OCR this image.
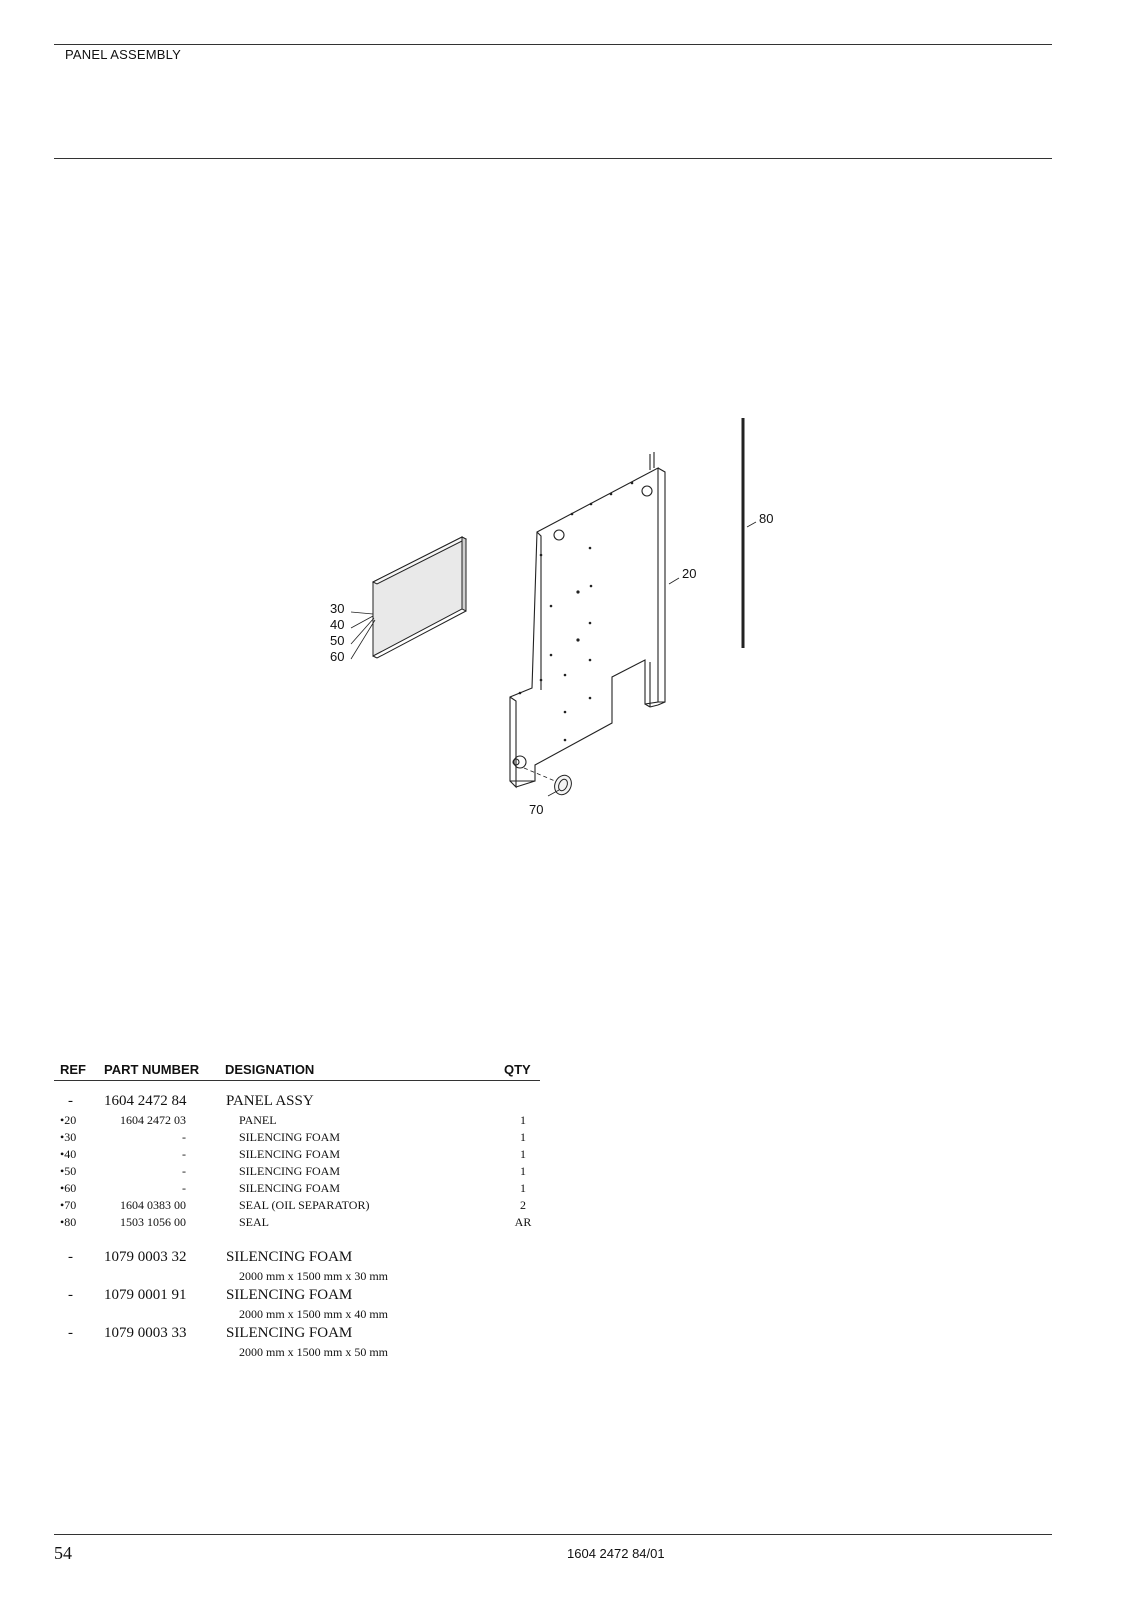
PANEL ASSEMBLY
30
40
50
60
20
80
70
REF PART NUMBER DESIGNATION	QTY
- 1604 2472 84	PANEL ASSY
•20	1604 2472 03	PANEL	1
•30	-	SILENCING FOAM	1
•40	-	SILENCING FOAM	1
•50	-	SILENCING FOAM	1
•60	-	SILENCING FOAM	1
•70	1604 0383 00	SEAL (OIL SEPARATOR)	2
•80	1503 1056 00	SEAL	AR
- 1079 0003 32	SILENCING FOAM
2000 mm x 1500 mm x 30 mm
- 1079 0001 91	SILENCING FOAM
2000 mm x 1500 mm x 40 mm
- 1079 0003 33	SILENCING FOAM
2000 mm x 1500 mm x 50 mm
54	1604 2472 84/01
